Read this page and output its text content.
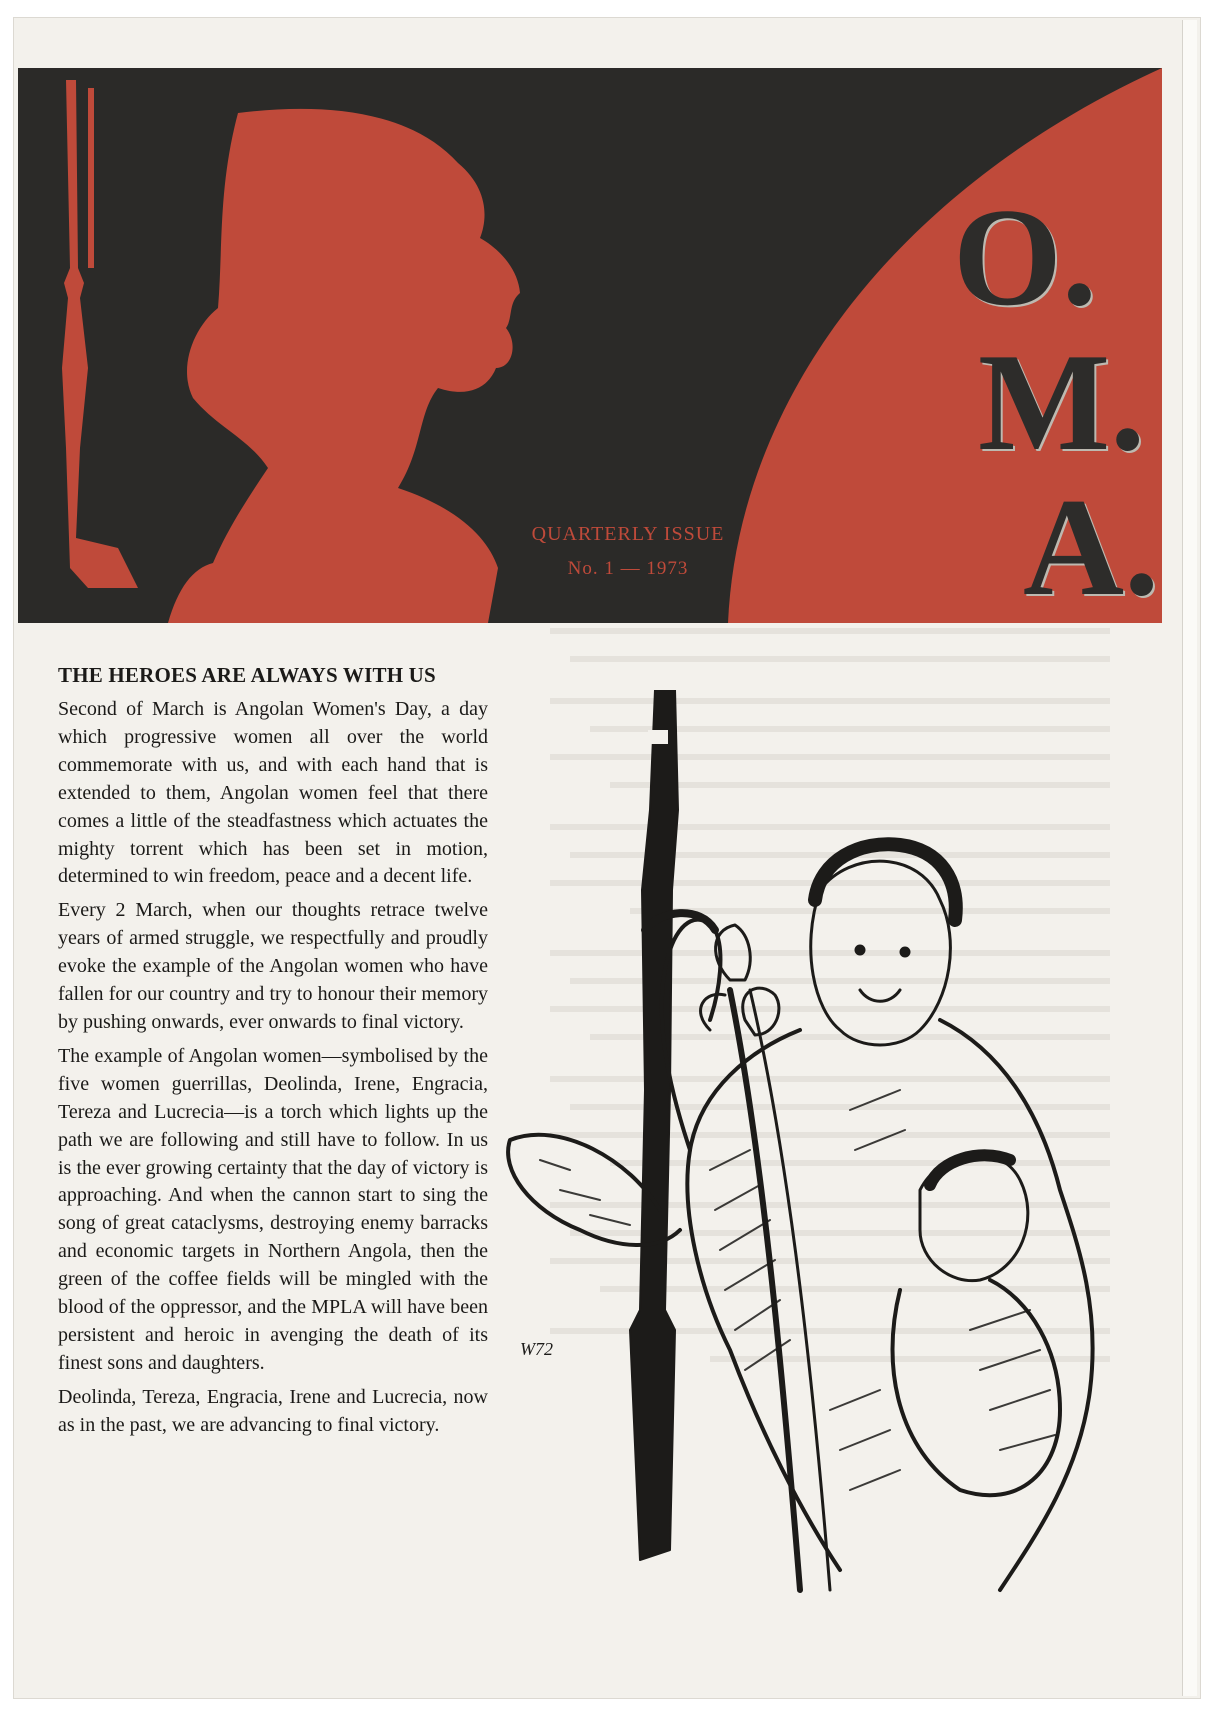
O.
M.
A.
QUARTERLY ISSUE
No. 1 — 1973
THE HEROES ARE ALWAYS WITH US

Second of March is Angolan Women's Day, a day which progressive women all over the world commemorate with us, and with each hand that is extended to them, Angolan women feel that there comes a little of the steadfastness which actuates the mighty torrent which has been set in motion, determined to win freedom, peace and a decent life.

Every 2 March, when our thoughts retrace twelve years of armed struggle, we respectfully and proudly evoke the example of the Angolan women who have fallen for our country and try to honour their memory by pushing onwards, ever onwards to final victory.

The example of Angolan women—symbolised by the five women guerrillas, Deolinda, Irene, Engracia, Tereza and Lucrecia—is a torch which lights up the path we are following and still have to follow. In us is the ever growing certainty that the day of victory is approaching. And when the cannon start to sing the song of great cataclysms, destroying enemy barracks and economic targets in Northern Angola, then the green of the coffee fields will be mingled with the blood of the oppressor, and the MPLA will have been persistent and heroic in avenging the death of its finest sons and daughters.

Deolinda, Tereza, Engracia, Irene and Lucrecia, now as in the past, we are advancing to final victory.

W72
